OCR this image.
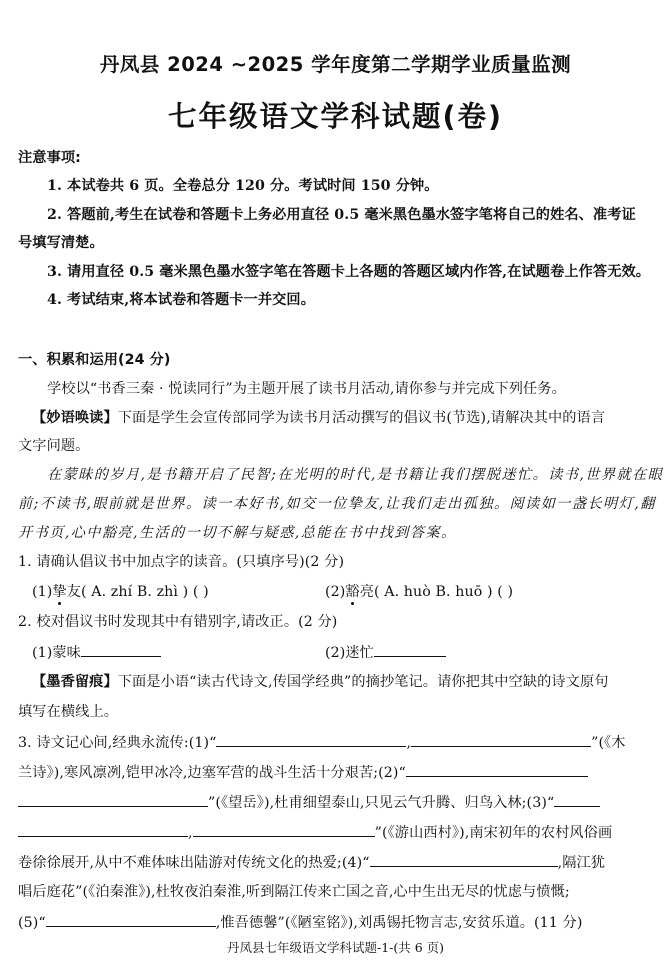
丹凤县 2024 ~2025 学年度第二学期学业质量监测
七年级语文学科试题(卷)
注意事项:
1. 本试卷共 6 页。全卷总分 120 分。考试时间 150 分钟。
2. 答题前,考生在试卷和答题卡上务必用直径 0.5 毫米黑色墨水签字笔将自己的姓名、准考证
号填写清楚。
3. 请用直径 0.5 毫米黑色墨水签字笔在答题卡上各题的答题区域内作答,在试题卷上作答无效。
4. 考试结束,将本试卷和答题卡一并交回。
一、积累和运用(24 分)
学校以“书香三秦 · 悦读同行”为主题开展了读书月活动,请你参与并完成下列任务。
【妙语唤读】下面是学生会宣传部同学为读书月活动撰写的倡议书(节选),请解决其中的语言
文字问题。
在蒙昧的岁月,是书籍开启了民智;在光明的时代,是书籍让我们摆脱迷忙。读书,世界就在眼
前;不读书,眼前就是世界。读一本好书,如交一位挚友,让我们走出孤独。阅读如一盏长明灯,翻
开书页,心中豁亮,生活的一切不解与疑惑,总能在书中找到答案。
1. 请确认倡议书中加点字的读音。(只填序号)(2 分)
(1)挚友( A. zhí B. zhì ) ( )	(2)豁亮( A. huò B. huō ) ( )
2. 校对倡议书时发现其中有错别字,请改正。(2 分)
(1)蒙味	(2)迷忙
【墨香留痕】下面是小语“读古代诗文,传国学经典”的摘抄笔记。请你把其中空缺的诗文原句
填写在横线上。
3. 诗文记心间,经典永流传:(1)“	,	”(《木
兰诗》),寒风凛冽,铠甲冰冷,边塞军营的战斗生活十分艰苦;(2)“
”(《望岳》),杜甫细望泰山,只见云气升腾、归鸟入林;(3)“
,	”(《游山西村》),南宋初年的农村风俗画
卷徐徐展开,从中不难体味出陆游对传统文化的热爱;(4)“	,隔江犹
唱后庭花”(《泊秦淮》),杜牧夜泊秦淮,听到隔江传来亡国之音,心中生出无尽的忧虑与愤慨;
(5)“	,惟吾德馨”(《陋室铭》),刘禹锡托物言志,安贫乐道。(11 分)
丹凤县七年级语文学科试题-1-(共 6 页)
